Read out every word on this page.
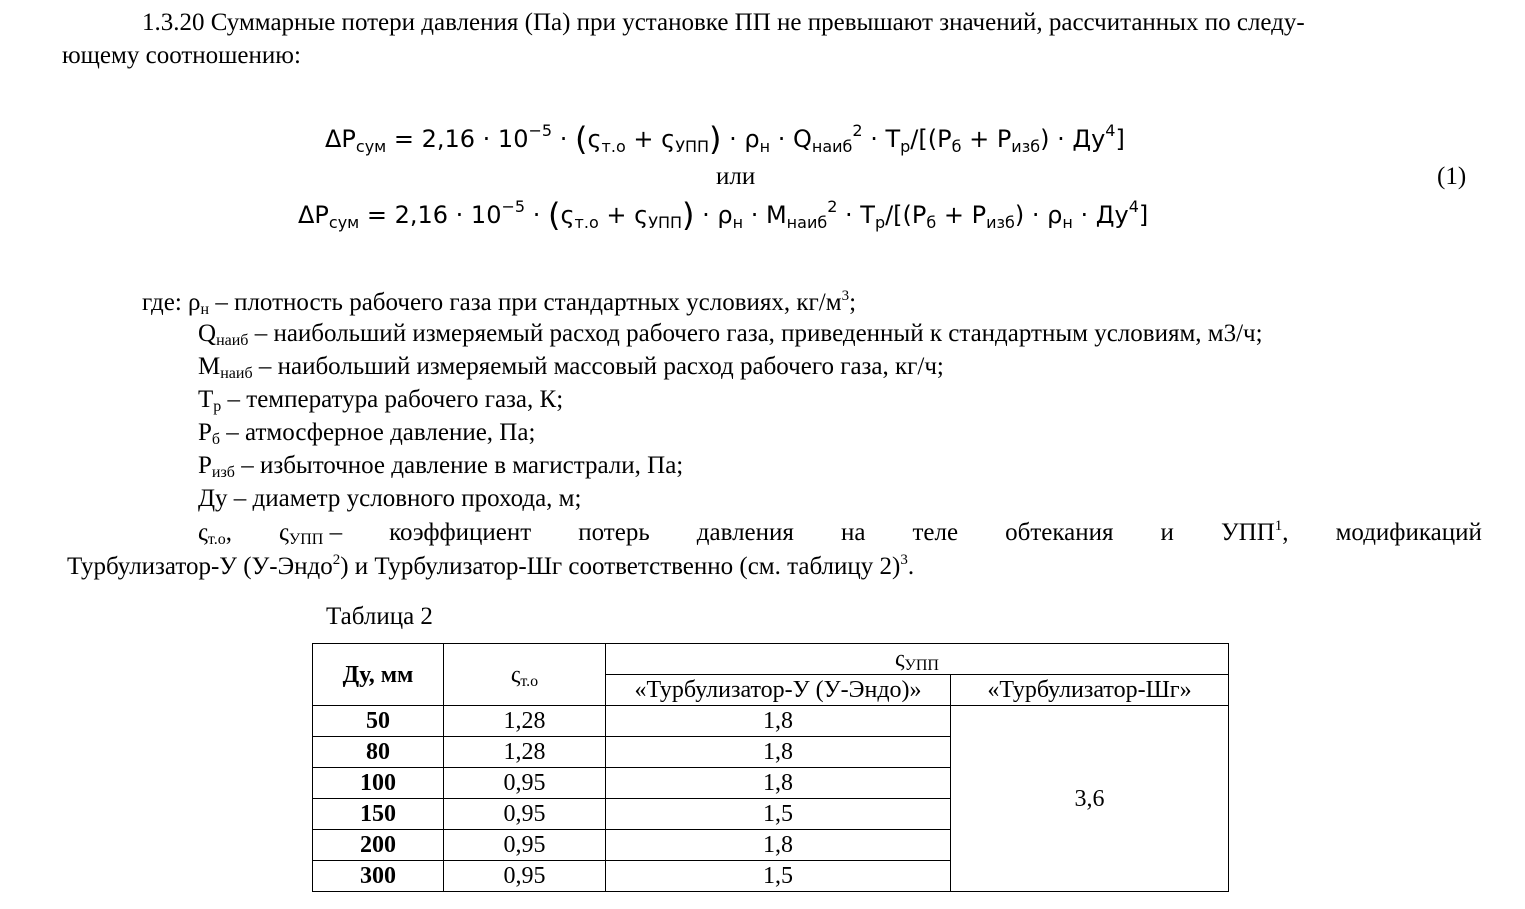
1.3.20 Суммарные потери давления (Па) при установке ПП не превышают значений, рассчитанных по следу-
ющему соотношению:
$\Delta P_{сум} = 2,16 \cdot 10^{-5} \cdot (\varsigma_{т.о} + \varsigma_{УПП}) \cdot \rho_н \cdot Q_{наиб}^2 \cdot T_р/[(P_б + P_{изб}) \cdot Ду^4]$
или	(1)
$\Delta P_{сум} = 2,16 \cdot 10^{-5} \cdot (\varsigma_{т.о} + \varsigma_{УПП}) \cdot \rho_н \cdot M_{наиб}^2 \cdot T_р/[(P_б + P_{изб}) \cdot \rho_н \cdot Ду^4]$
где: $\rho_н$ – плотность рабочего газа при стандартных условиях, $кг/м^3$;
$Q_{наиб}$ – наибольший измеряемый расход рабочего газа, приведенный к стандартным условиям, м3/ч;
$M_{наиб}$ – наибольший измеряемый массовый расход рабочего газа, кг/ч;
$T_р$ – температура рабочего газа, К;
$P_б$ – атмосферное давление, Па;
$P_{изб}$ – избыточное давление в магистрали, Па;
Ду – диаметр условного прохода, м;
$\varsigma_{т.о}$, $\varsigma_{УПП}$ – коэффициент потерь давления на теле обтекания и УПП$^1$, модификаций
Турбулизатор-У (У-Эндо$^2$) и Турбулизатор-Шг соответственно (см. таблицу 2)$^3$.
Таблица 2
Ду, мм	ςт.о	ςУПП	
		«Турбулизатор-У (У-Эндо)»	«Турбулизатор-Шг»
50	1,28	1,8	3,6
80	1,28	1,8	
100	0,95	1,8	
150	0,95	1,5	
200	0,95	1,8	
300	0,95	1,5	
